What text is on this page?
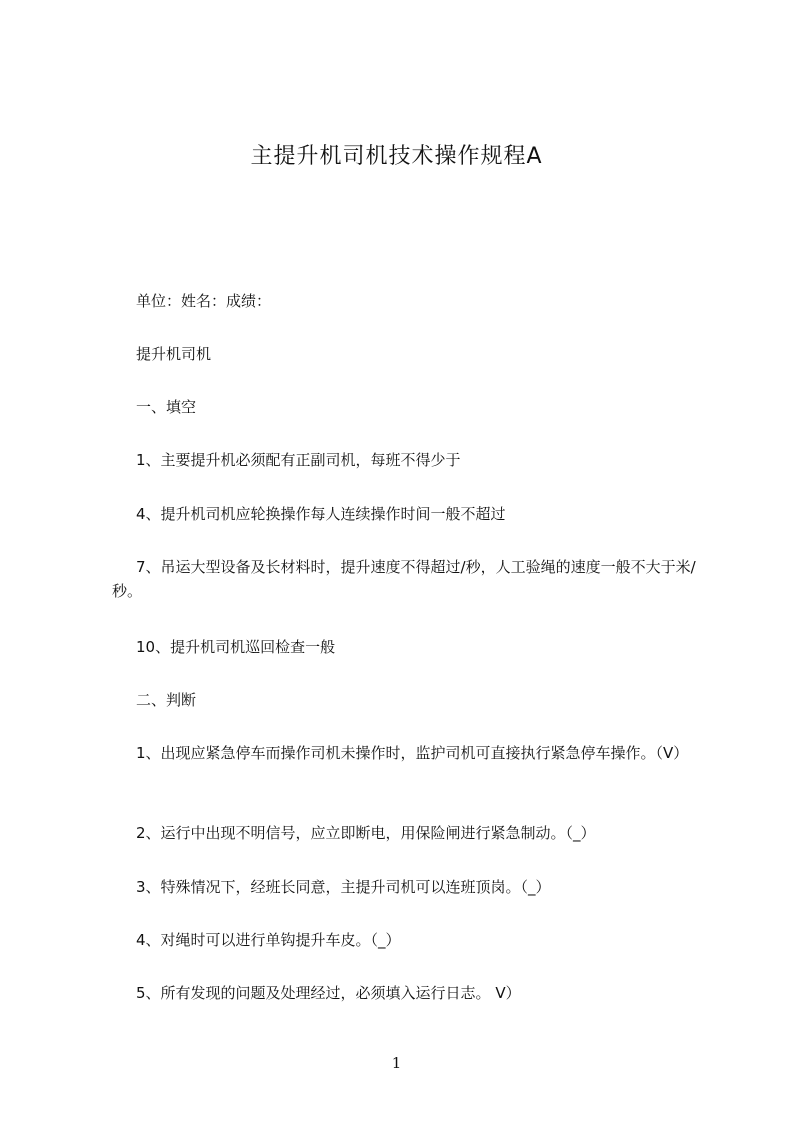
主提升机司机技术操作规程A
单位：姓名：成绩：
提升机司机
一、填空
1、主要提升机必须配有正副司机，每班不得少于
4、提升机司机应轮换操作每人连续操作时间一般不超过
7、吊运大型设备及长材料时，提升速度不得超过/秒，人工验绳的速度一般不大于米/秒。
10、提升机司机巡回检查一般
二、判断
1、出现应紧急停车而操作司机未操作时，监护司机可直接执行紧急停车操作。（V）
2、运行中出现不明信号，应立即断电，用保险闸进行紧急制动。（_）
3、特殊情况下，经班长同意，主提升司机可以连班顶岗。（_）
4、对绳时可以进行单钩提升车皮。（_）
5、所有发现的问题及处理经过，必须填入运行日志。 V）
1
